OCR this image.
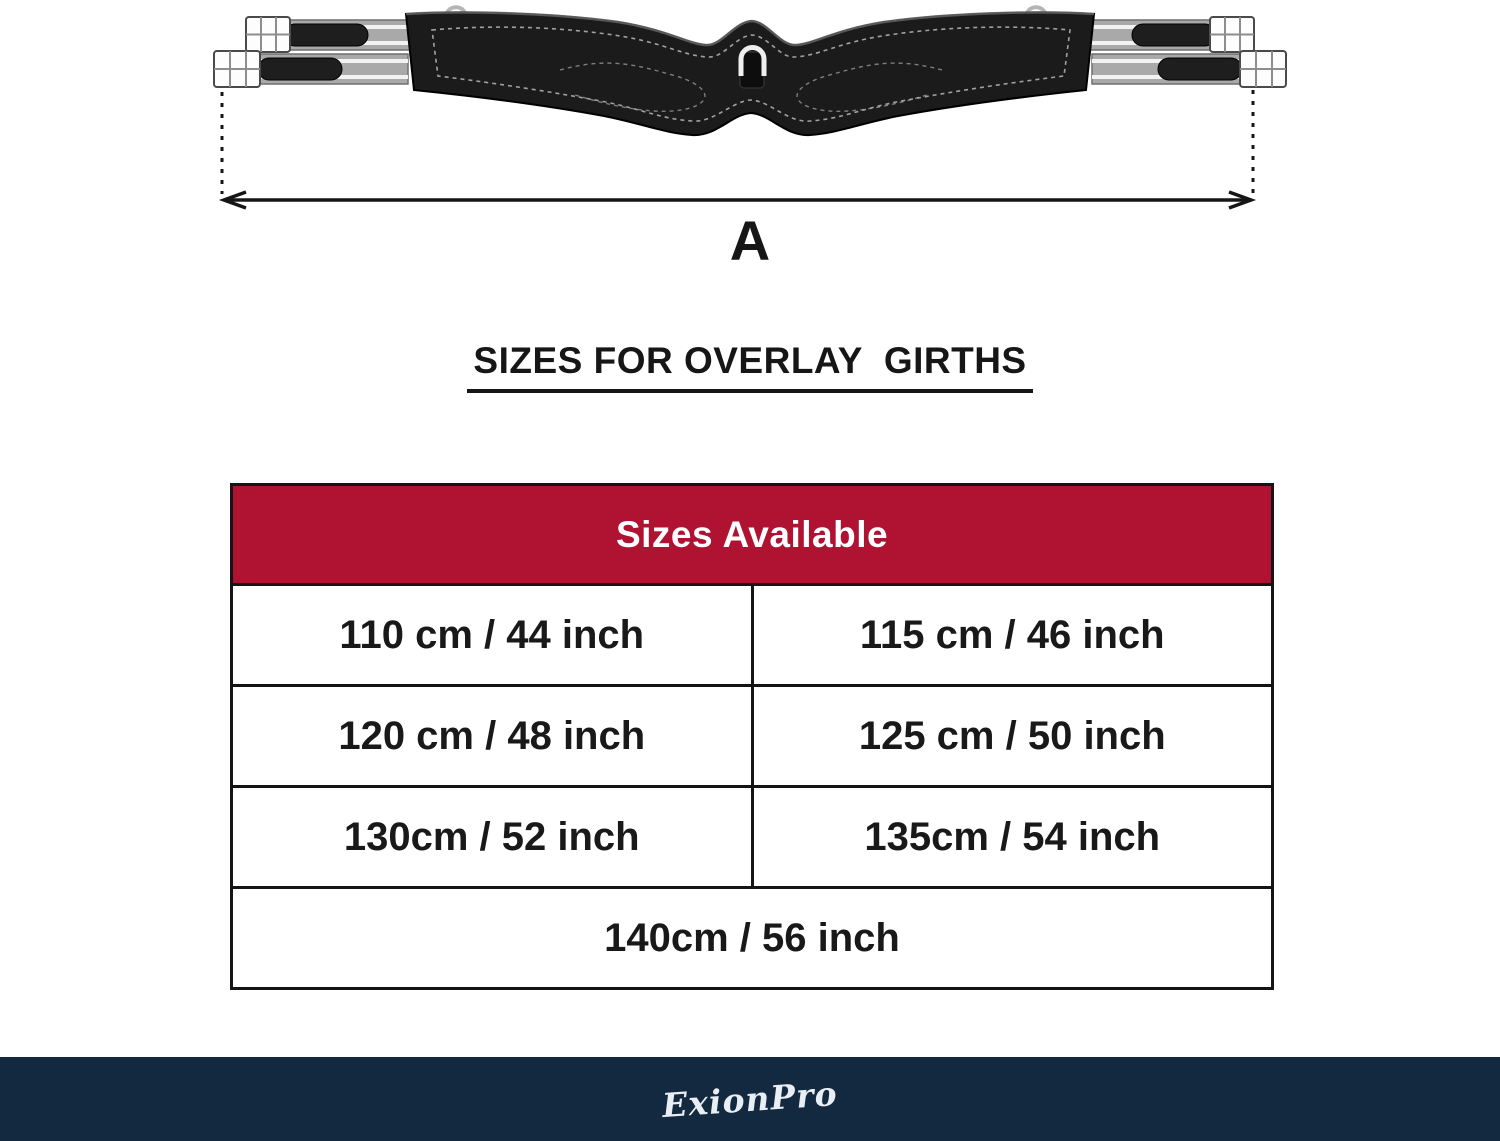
A
SIZES FOR OVERLAY  GIRTHS
Sizes Available
110 cm / 44 inch	115 cm / 46 inch
120 cm / 48 inch	125 cm / 50 inch
130cm / 52 inch	135cm / 54 inch
140cm / 56 inch
ExionPro
